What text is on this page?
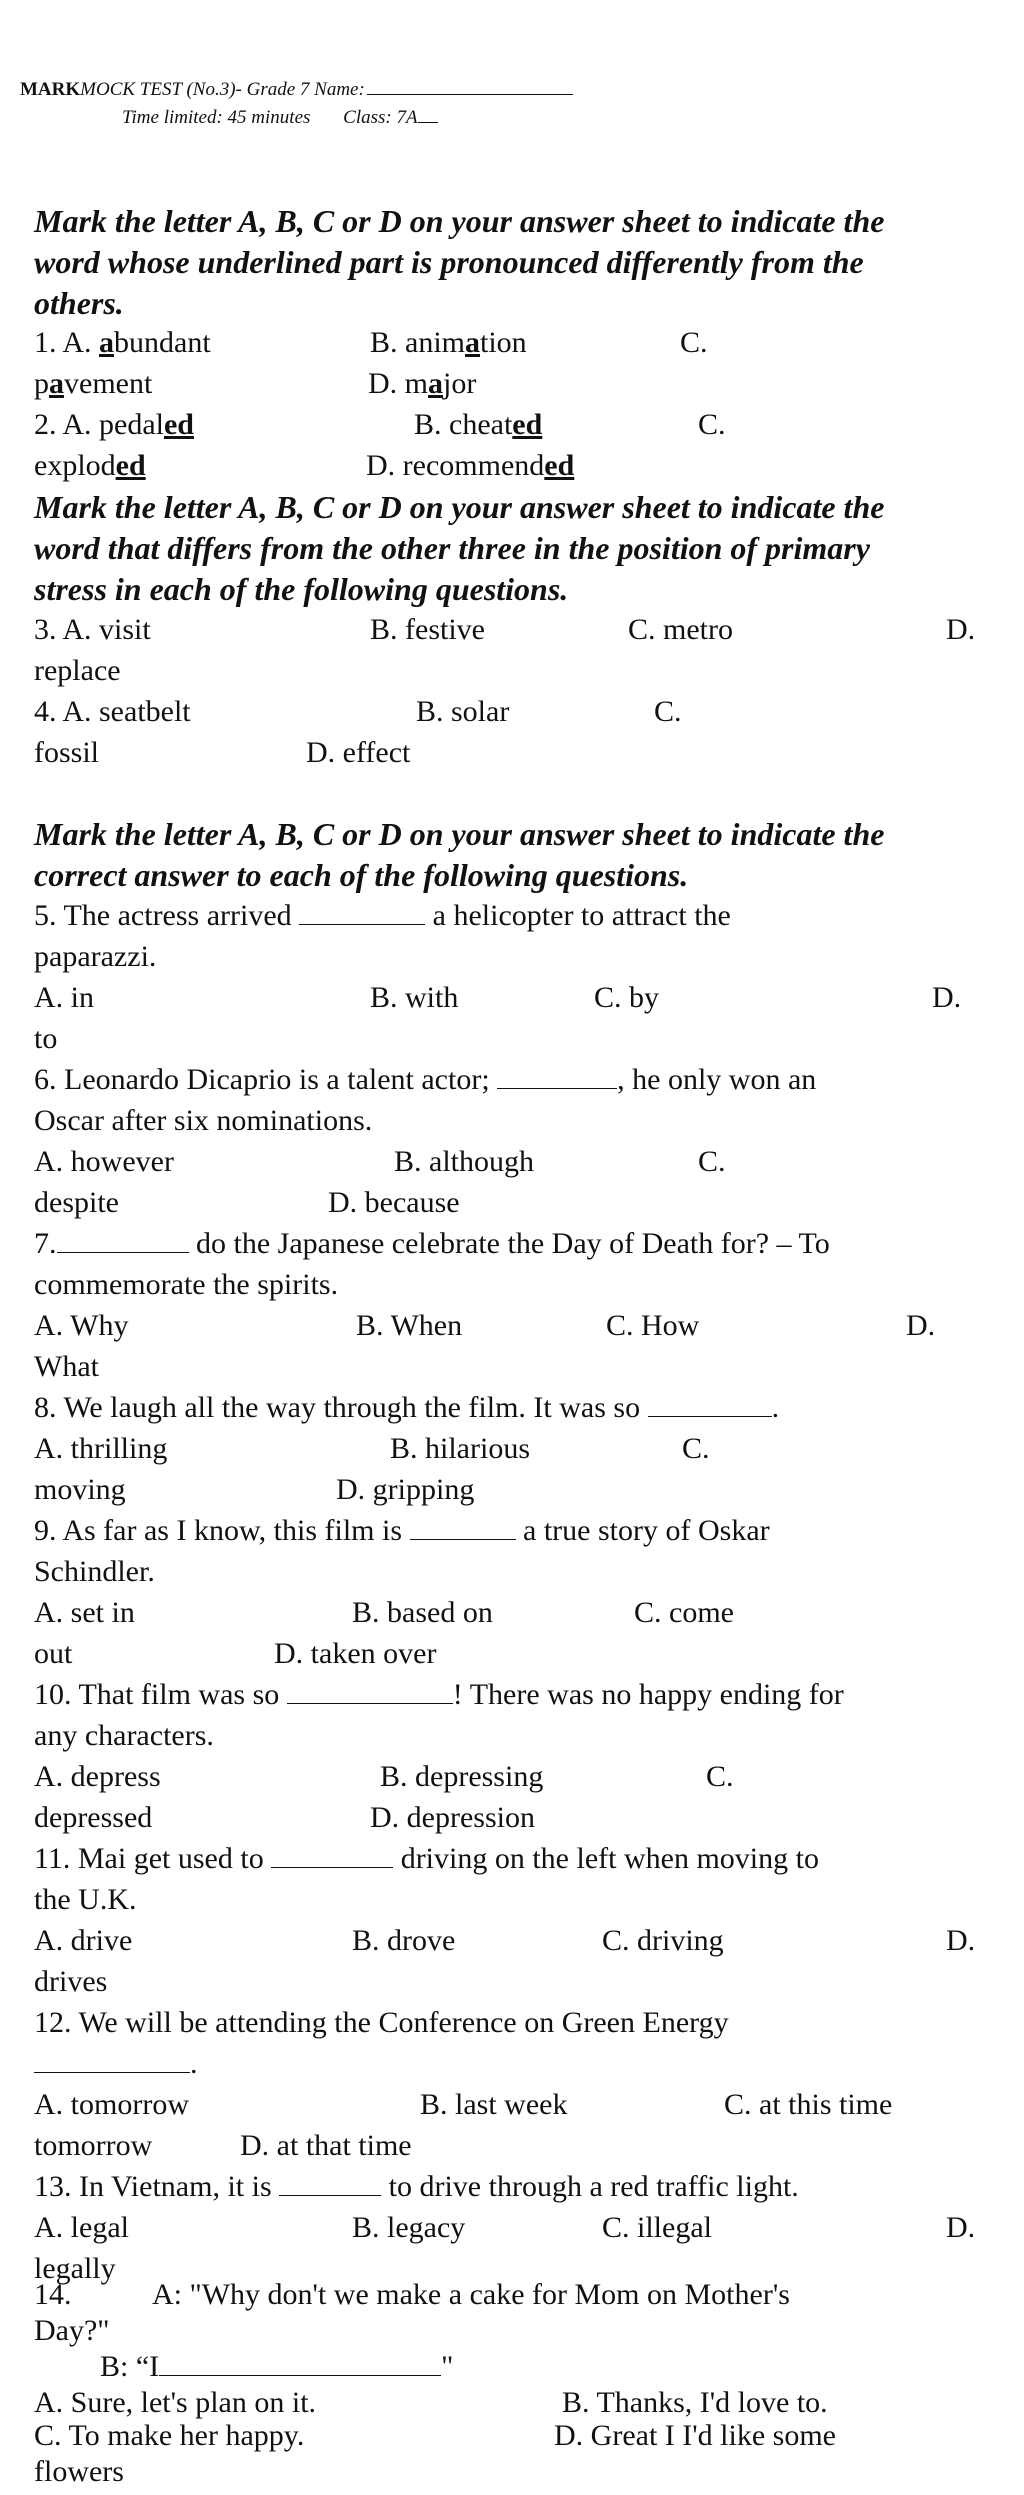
MARKMOCK TEST (No.3)- Grade 7 Name:
Time limited: 45 minutes Class: 7A
Mark the letter A, B, C or D on your answer sheet to indicate the
word whose underlined part is pronounced differently from the
others.
1. A. abundant	B. animation	C.
pavement	D. major
2. A. pedaled	B. cheated	C.
exploded	D. recommended
Mark the letter A, B, C or D on your answer sheet to indicate the
word that differs from the other three in the position of primary
stress in each of the following questions.
3. A. visit	B. festive	C. metro	D.
replace
4. A. seatbelt	B. solar	C.
fossil	D. effect
Mark the letter A, B, C or D on your answer sheet to indicate the
correct answer to each of the following questions.
5. The actress arrived	a helicopter to attract the
paparazzi.
A. in	B. with	C. by	D.
to
6. Leonardo Dicaprio is a talent actor;	, he only won an
Oscar after six nominations.
A. however	B. although	C.
despite	D. because
7.	do the Japanese celebrate the Day of Death for? – To
commemorate the spirits.
A. Why	B. When	C. How	D.
What
8. We laugh all the way through the film. It was so	.
A. thrilling	B. hilarious	C.
moving	D. gripping
9. As far as I know, this film is	a true story of Oskar
Schindler.
A. set in	B. based on	C. come
out	D. taken over
10. That film was so	! There was no happy ending for
any characters.
A. depress	B. depressing	C.
depressed	D. depression
11. Mai get used to	driving on the left when moving to
the U.K.
A. drive	B. drove	C. driving	D.
drives
12. We will be attending the Conference on Green Energy
.
A. tomorrow	B. last week	C. at this time
tomorrow	D. at that time
13. In Vietnam, it is	to drive through a red traffic light.
A. legal	B. legacy	C. illegal	D.
legally
14.	A: "Why don't we make a cake for Mom on Mother's
Day?"
B: “I	"
A. Sure, let's plan on it.	B. Thanks, I'd love to.
C. To make her happy.	D. Great I I'd like some
flowers
